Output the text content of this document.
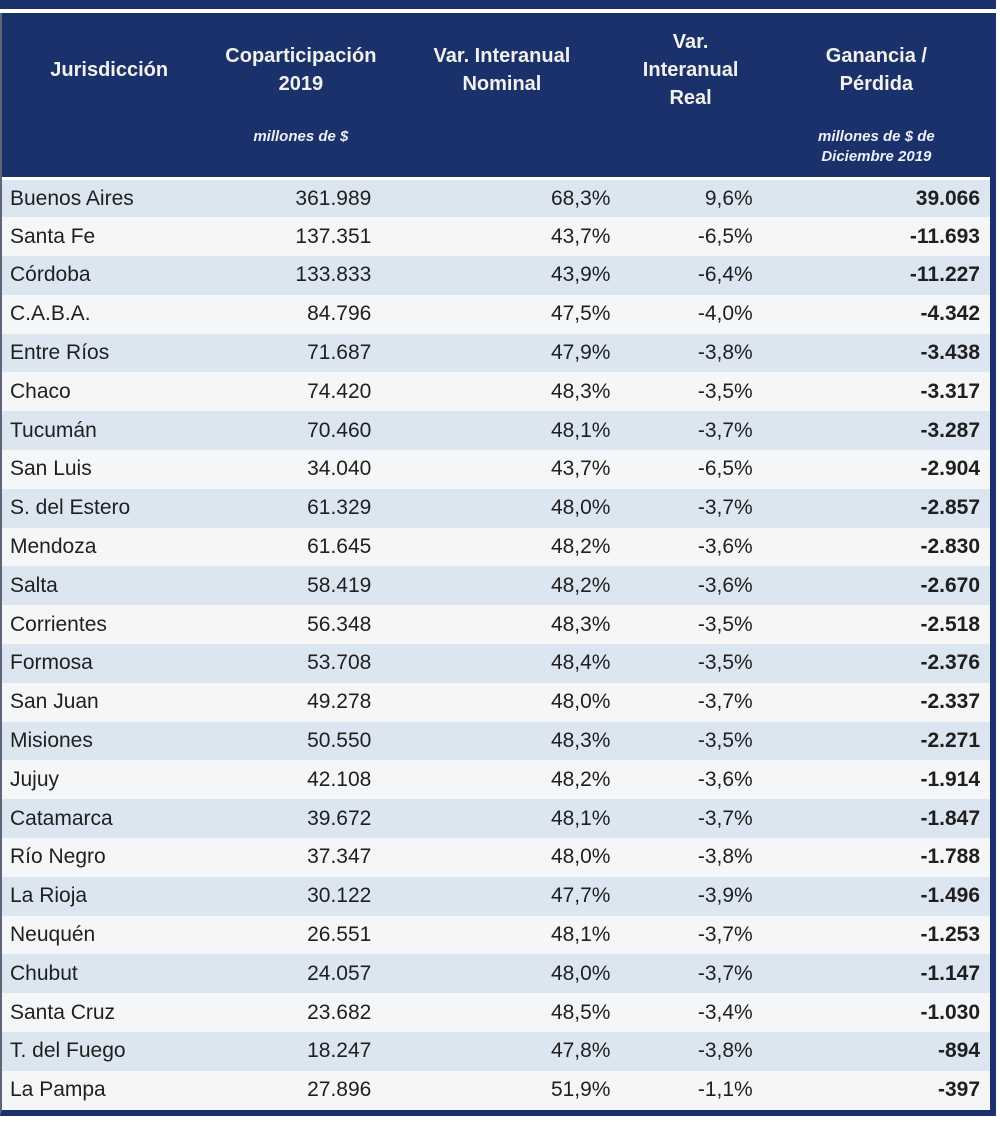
Jurisdicción

Coparticipación 2019
millones de $

Var. Interanual Nominal

Var. Interanual Real

Ganancia / Pérdida
millones de $ de Diciembre 2019

Buenos Aires	361.989	68,3%	9,6%	39.066
Santa Fe	137.351	43,7%	-6,5%	-11.693
Córdoba	133.833	43,9%	-6,4%	-11.227
C.A.B.A.	84.796	47,5%	-4,0%	-4.342
Entre Ríos	71.687	47,9%	-3,8%	-3.438
Chaco	74.420	48,3%	-3,5%	-3.317
Tucumán	70.460	48,1%	-3,7%	-3.287
San Luis	34.040	43,7%	-6,5%	-2.904
S. del Estero	61.329	48,0%	-3,7%	-2.857
Mendoza	61.645	48,2%	-3,6%	-2.830
Salta	58.419	48,2%	-3,6%	-2.670
Corrientes	56.348	48,3%	-3,5%	-2.518
Formosa	53.708	48,4%	-3,5%	-2.376
San Juan	49.278	48,0%	-3,7%	-2.337
Misiones	50.550	48,3%	-3,5%	-2.271
Jujuy	42.108	48,2%	-3,6%	-1.914
Catamarca	39.672	48,1%	-3,7%	-1.847
Río Negro	37.347	48,0%	-3,8%	-1.788
La Rioja	30.122	47,7%	-3,9%	-1.496
Neuquén	26.551	48,1%	-3,7%	-1.253
Chubut	24.057	48,0%	-3,7%	-1.147
Santa Cruz	23.682	48,5%	-3,4%	-1.030
T. del Fuego	18.247	47,8%	-3,8%	-894
La Pampa	27.896	51,9%	-1,1%	-397
